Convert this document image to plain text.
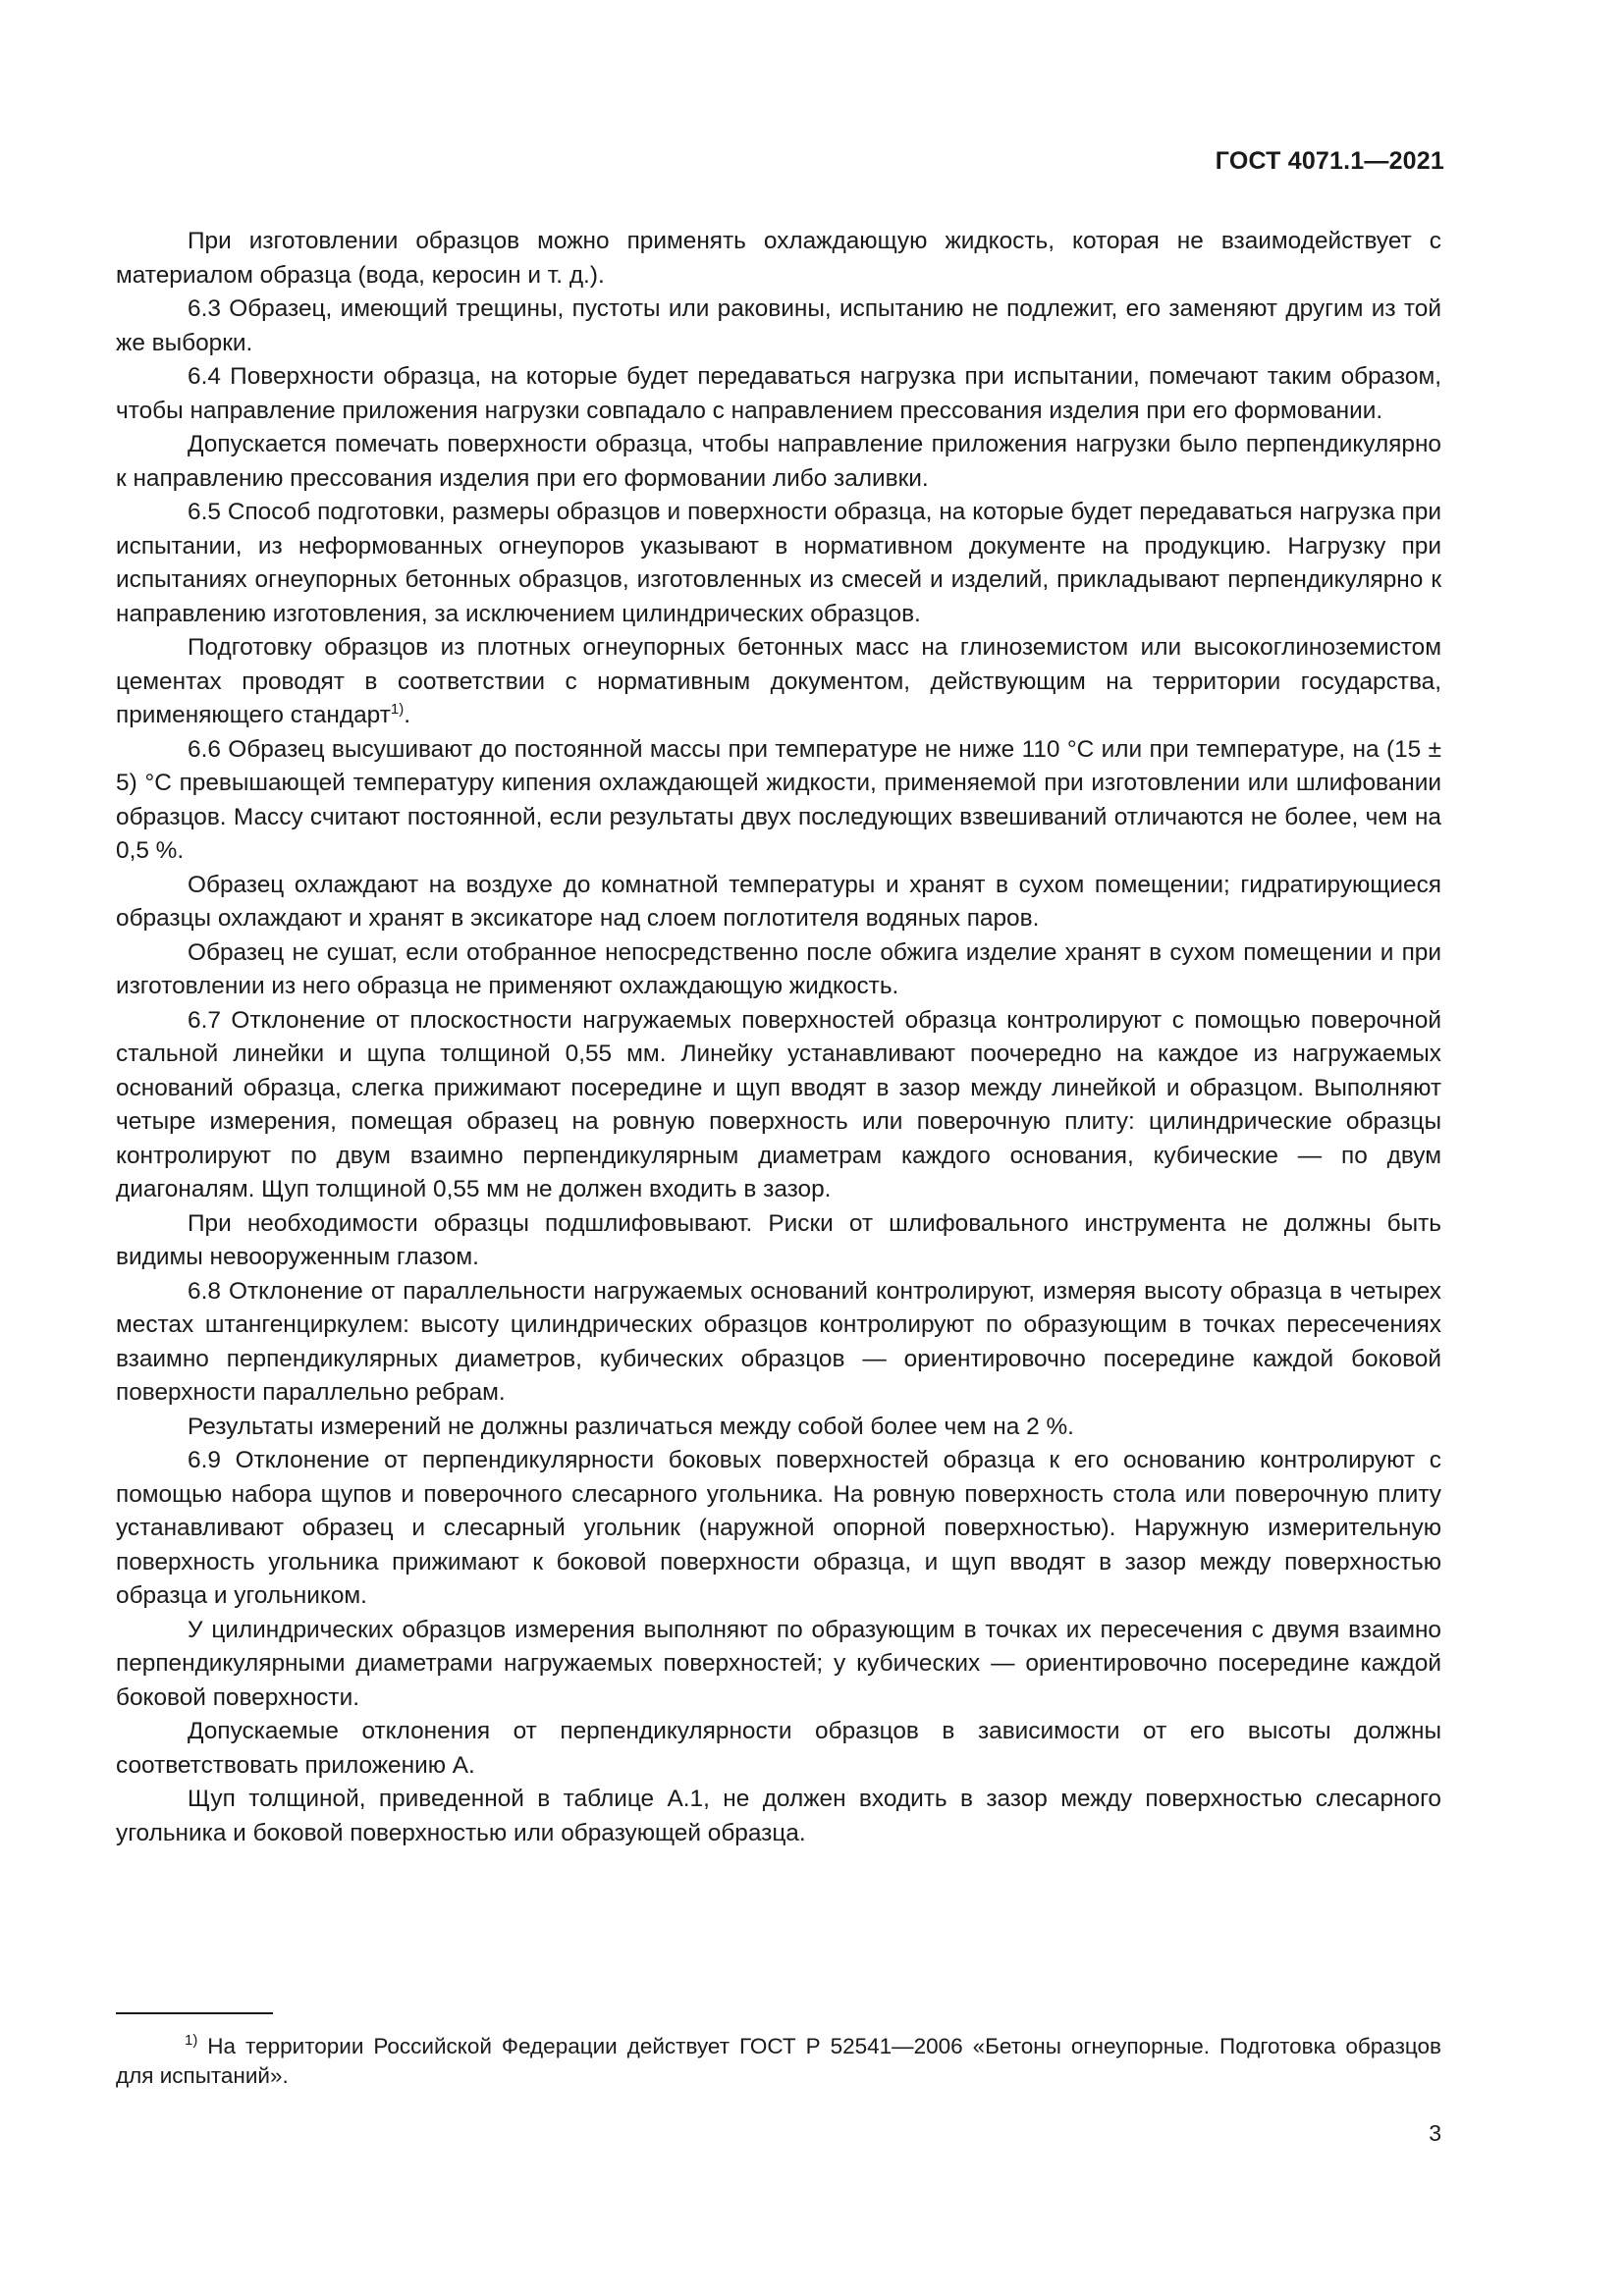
ГОСТ 4071.1—2021

При изготовлении образцов можно применять охлаждающую жидкость, которая не взаимодействует с материалом образца (вода, керосин и т. д.).

6.3 Образец, имеющий трещины, пустоты или раковины, испытанию не подлежит, его заменяют другим из той же выборки.

6.4 Поверхности образца, на которые будет передаваться нагрузка при испытании, помечают таким образом, чтобы направление приложения нагрузки совпадало с направлением прессования изделия при его формовании.

Допускается помечать поверхности образца, чтобы направление приложения нагрузки было перпендикулярно к направлению прессования изделия при его формовании либо заливки.

6.5 Способ подготовки, размеры образцов и поверхности образца, на которые будет передаваться нагрузка при испытании, из неформованных огнеупоров указывают в нормативном документе на продукцию. Нагрузку при испытаниях огнеупорных бетонных образцов, изготовленных из смесей и изделий, прикладывают перпендикулярно к направлению изготовления, за исключением цилиндрических образцов.

Подготовку образцов из плотных огнеупорных бетонных масс на глиноземистом или высокоглиноземистом цементах проводят в соответствии с нормативным документом, действующим на территории государства, применяющего стандарт$^{1)}$.

6.6 Образец высушивают до постоянной массы при температуре не ниже 110 °С или при температуре, на (15 ± 5) °С превышающей температуру кипения охлаждающей жидкости, применяемой при изготовлении или шлифовании образцов. Массу считают постоянной, если результаты двух последующих взвешиваний отличаются не более, чем на 0,5 %.

Образец охлаждают на воздухе до комнатной температуры и хранят в сухом помещении; гидратирующиеся образцы охлаждают и хранят в эксикаторе над слоем поглотителя водяных паров.

Образец не сушат, если отобранное непосредственно после обжига изделие хранят в сухом помещении и при изготовлении из него образца не применяют охлаждающую жидкость.

6.7 Отклонение от плоскостности нагружаемых поверхностей образца контролируют с помощью поверочной стальной линейки и щупа толщиной 0,55 мм. Линейку устанавливают поочередно на каждое из нагружаемых оснований образца, слегка прижимают посередине и щуп вводят в зазор между линейкой и образцом. Выполняют четыре измерения, помещая образец на ровную поверхность или поверочную плиту: цилиндрические образцы контролируют по двум взаимно перпендикулярным диаметрам каждого основания, кубические — по двум диагоналям. Щуп толщиной 0,55 мм не должен входить в зазор.

При необходимости образцы подшлифовывают. Риски от шлифовального инструмента не должны быть видимы невооруженным глазом.

6.8 Отклонение от параллельности нагружаемых оснований контролируют, измеряя высоту образца в четырех местах штангенциркулем: высоту цилиндрических образцов контролируют по образующим в точках пересечениях взаимно перпендикулярных диаметров, кубических образцов — ориентировочно посередине каждой боковой поверхности параллельно ребрам.

Результаты измерений не должны различаться между собой более чем на 2 %.

6.9 Отклонение от перпендикулярности боковых поверхностей образца к его основанию контролируют с помощью набора щупов и поверочного слесарного угольника. На ровную поверхность стола или поверочную плиту устанавливают образец и слесарный угольник (наружной опорной поверхностью). Наружную измерительную поверхность угольника прижимают к боковой поверхности образца, и щуп вводят в зазор между поверхностью образца и угольником.

У цилиндрических образцов измерения выполняют по образующим в точках их пересечения с двумя взаимно перпендикулярными диаметрами нагружаемых поверхностей; у кубических — ориентировочно посередине каждой боковой поверхности.

Допускаемые отклонения от перпендикулярности образцов в зависимости от его высоты должны соответствовать приложению А.

Щуп толщиной, приведенной в таблице А.1, не должен входить в зазор между поверхностью слесарного угольника и боковой поверхностью или образующей образца.

$^{1)}$ На территории Российской Федерации действует ГОСТ Р 52541—2006 «Бетоны огнеупорные. Подготовка образцов для испытаний».

3
